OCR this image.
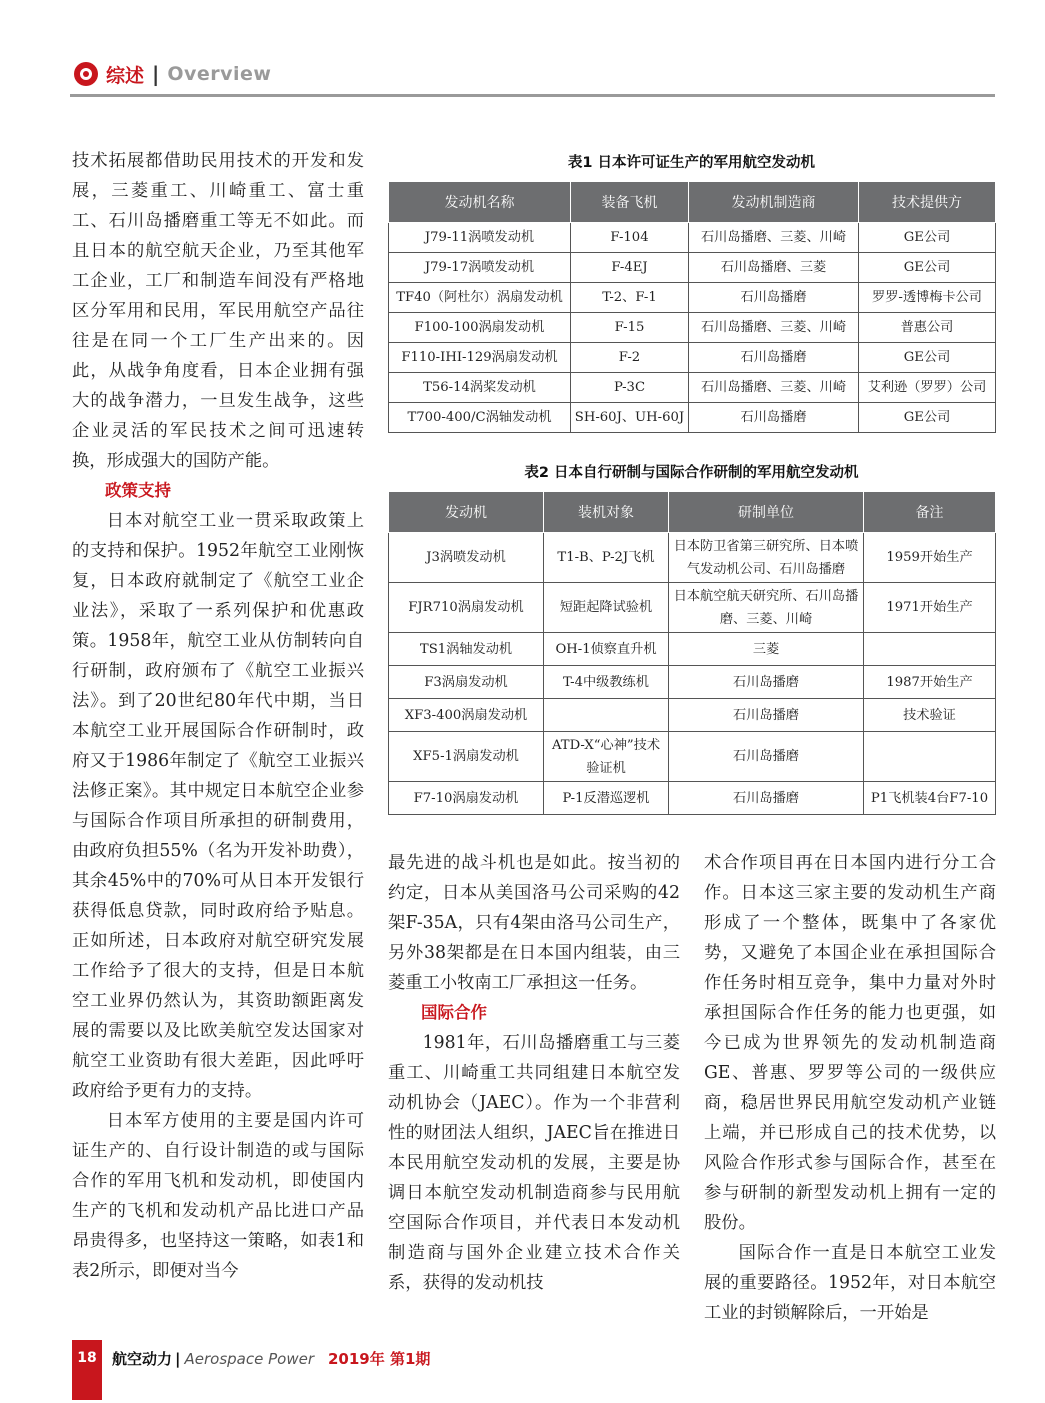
综述 | Overview

技术拓展都借助民用技术的开发和发展，三菱重工、川崎重工、富士重工、石川岛播磨重工等无不如此。而且日本的航空航天企业，乃至其他军工企业，工厂和制造车间没有严格地区分军用和民用，军民用航空产品往往是在同一个工厂生产出来的。因此，从战争角度看，日本企业拥有强大的战争潜力，一旦发生战争，这些企业灵活的军民技术之间可迅速转换，形成强大的国防产能。

政策支持

日本对航空工业一贯采取政策上的支持和保护。1952年航空工业刚恢复，日本政府就制定了《航空工业企业法》，采取了一系列保护和优惠政策。1958年，航空工业从仿制转向自行研制，政府颁布了《航空工业振兴法》。到了20世纪80年代中期，当日本航空工业开展国际合作研制时，政府又于1986年制定了《航空工业振兴法修正案》。其中规定日本航空企业参与国际合作项目所承担的研制费用，由政府负担55%（名为开发补助费），其余45%中的70%可从日本开发银行获得低息贷款，同时政府给予贴息。正如所述，日本政府对航空研究发展工作给予了很大的支持，但是日本航空工业界仍然认为，其资助额距离发展的需要以及比欧美航空发达国家对航空工业资助有很大差距，因此呼吁政府给予更有力的支持。

日本军方使用的主要是国内许可证生产的、自行设计制造的或与国际合作的军用飞机和发动机，即使国内生产的飞机和发动机产品比进口产品昂贵得多，也坚持这一策略，如表1和表2所示，即便对当今

表1 日本许可证生产的军用航空发动机
发动机名称	装备飞机	发动机制造商	技术提供方
J79-11涡喷发动机	F-104	石川岛播磨、三菱、川崎	GE公司
J79-17涡喷发动机	F-4EJ	石川岛播磨、三菱	GE公司
TF40（阿杜尔）涡扇发动机	T-2、F-1	石川岛播磨	罗罗-透博梅卡公司
F100-100涡扇发动机	F-15	石川岛播磨、三菱、川崎	普惠公司
F110-IHI-129涡扇发动机	F-2	石川岛播磨	GE公司
T56-14涡桨发动机	P-3C	石川岛播磨、三菱、川崎	艾利逊（罗罗）公司
T700-400/C涡轴发动机	SH-60J、UH-60J	石川岛播磨	GE公司
表2 日本自行研制与国际合作研制的军用航空发动机
发动机	装机对象	研制单位	备注
J3涡喷发动机	T1-B、P-2J飞机	日本防卫省第三研究所、日本喷气发动机公司、石川岛播磨	1959开始生产
FJR710涡扇发动机	短距起降试验机	日本航空航天研究所、石川岛播磨、三菱、川崎	1971开始生产
TS1涡轴发动机	OH-1侦察直升机	三菱	
F3涡扇发动机	T-4中级教练机	石川岛播磨	1987开始生产
XF3-400涡扇发动机		石川岛播磨	技术验证
XF5-1涡扇发动机	ATD-X“心神”技术验证机	石川岛播磨	
F7-10涡扇发动机	P-1反潜巡逻机	石川岛播磨	P1飞机装4台F7-10

最先进的战斗机也是如此。按当初的约定，日本从美国洛马公司采购的42架F-35A，只有4架由洛马公司生产，另外38架都是在日本国内组装，由三菱重工小牧南工厂承担这一任务。

国际合作

1981年，石川岛播磨重工与三菱重工、川崎重工共同组建日本航空发动机协会（JAEC）。作为一个非营利性的财团法人组织，JAEC旨在推进日本民用航空发动机的发展，主要是协调日本航空发动机制造商参与民用航空国际合作项目，并代表日本发动机制造商与国外企业建立技术合作关系，获得的发动机技

术合作项目再在日本国内进行分工合作。日本这三家主要的发动机生产商形成了一个整体，既集中了各家优势，又避免了本国企业在承担国际合作任务时相互竞争，集中力量对外时承担国际合作任务的能力也更强，如今已成为世界领先的发动机制造商GE、普惠、罗罗等公司的一级供应商，稳居世界民用航空发动机产业链上端，并已形成自己的技术优势，以风险合作形式参与国际合作，甚至在参与研制的新型发动机上拥有一定的股份。

国际合作一直是日本航空工业发展的重要路径。1952年，对日本航空工业的封锁解除后，一开始是

18	航空动力 | Aerospace Power 2019年 第1期
